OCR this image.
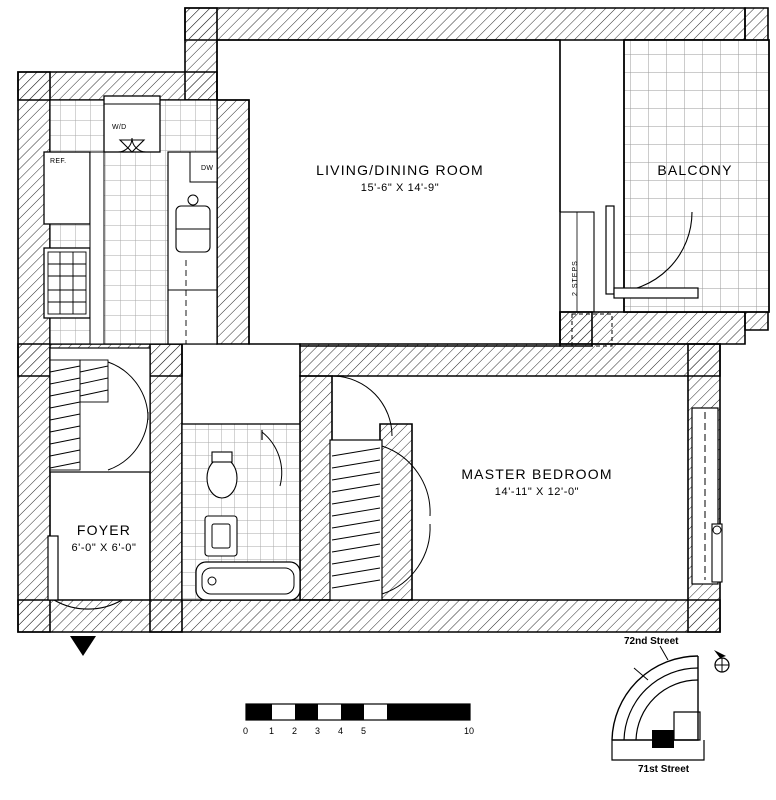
LIVING/DINING ROOM
15'-6" X 14'-9"
BALCONY
MASTER BEDROOM
14'-11" X 12'-0"
FOYER
6'-0" X 6'-0"
W/D
REF.
DW
2 STEPS
0 1 2 3 4 5	10
72nd Street
71st Street
